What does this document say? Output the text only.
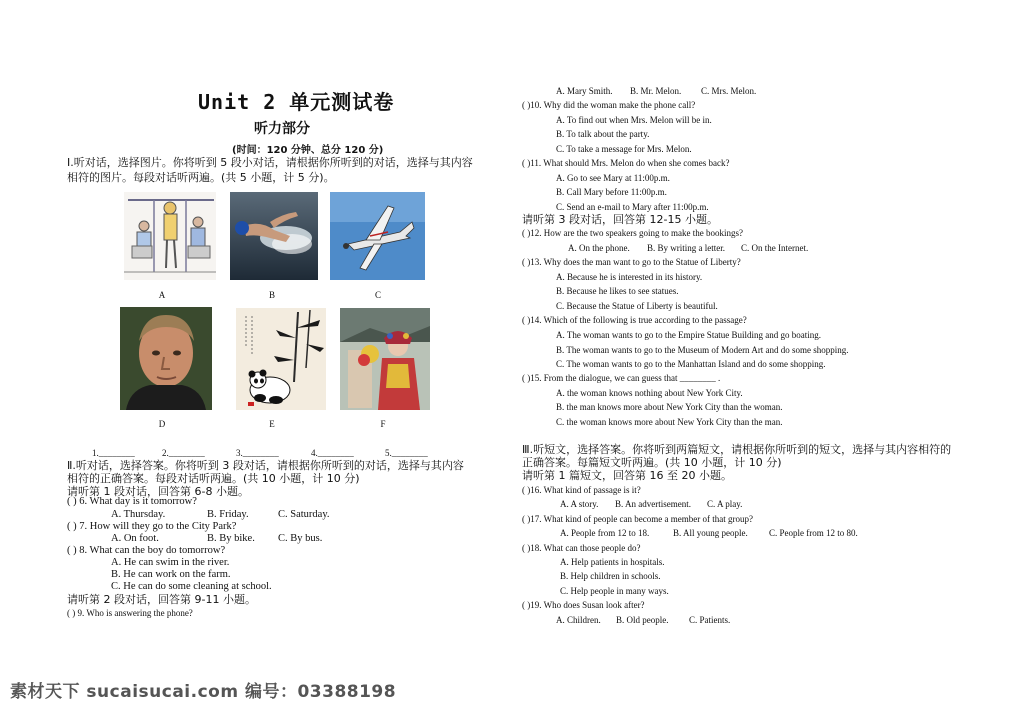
Unit 2 单元测试卷
听力部分
(时间：120 分钟、总分 120 分)
Ⅰ.听对话，选择图片。你将听到 5 段小对话，请根据你所听到的对话，选择与其内容
相符的图片。每段对话听两遍。(共 5 小题，计 5 分)。
A	B	C
D	E	F
1.________	2.________	3.________	4.________	5.________
Ⅱ.听对话，选择答案。你将听到 3 段对话，请根据你所听到的对话，选择与其内容
相符的正确答案。每段对话听两遍。(共 10 小题，计 10 分)
请听第 1 段对话，回答第 6-8 小题。
( ) 6. What day is it tomorrow?
A. Thursday.	B. Friday.	C. Saturday.
( ) 7. How will they go to the City Park?
A. On foot.	B. By bike. C. By bus.
( ) 8. What can the boy do tomorrow?
A. He can swim in the river.
B. He can work on the farm.
C. He can do some cleaning at school.
请听第 2 段对话，回答第 9-11 小题。
( ) 9. Who is answering the phone?
A. Mary Smith. B. Mr. Melon. C. Mrs. Melon.
( )10. Why did the woman make the phone call?
A. To find out when Mrs. Melon will be in.
B. To talk about the party.
C. To take a message for Mrs. Melon.
( )11. What should Mrs. Melon do when she comes back?
A. Go to see Mary at 11:00p.m.
B. Call Mary before 11:00p.m.
C. Send an e-mail to Mary after 11:00p.m.
请听第 3 段对话，回答第 12-15 小题。
( )12. How are the two speakers going to make the bookings?
A. On the phone. B. By writing a letter. C. On the Internet.
( )13. Why does the man want to go to the Statue of Liberty?
A. Because he is interested in its history.
B. Because he likes to see statues.
C. Because the Statue of Liberty is beautiful.
( )14. Which of the following is true according to the passage?
A. The woman wants to go to the Empire Statue Building and go boating.
B. The woman wants to go to the Museum of Modern Art and do some shopping.
C. The woman wants to go to the Manhattan Island and do some shopping.
( )15. From the dialogue, we can guess that ________ .
A. the woman knows nothing about New York City.
B. the man knows more about New York City than the woman.
C. the woman knows more about New York City than the man.
Ⅲ.听短文，选择答案。你将听到两篇短文，请根据你所听到的短文，选择与其内容相符的
正确答案。每篇短文听两遍。(共 10 小题，计 10 分)
请听第 1 篇短文，回答第 16 至 20 小题。
( )16. What kind of passage is it?
A. A story. B. An advertisement. C. A play.
( )17. What kind of people can become a member of that group?
A. People from 12 to 18.	B. All young people. C. People from 12 to 80.
( )18. What can those people do?
A. Help patients in hospitals.
B. Help children in schools.
C. Help people in many ways.
( )19. Who does Susan look after?
A. Children. B. Old people. C. Patients.
素材天下 sucaisucai.com 编号：03388198
